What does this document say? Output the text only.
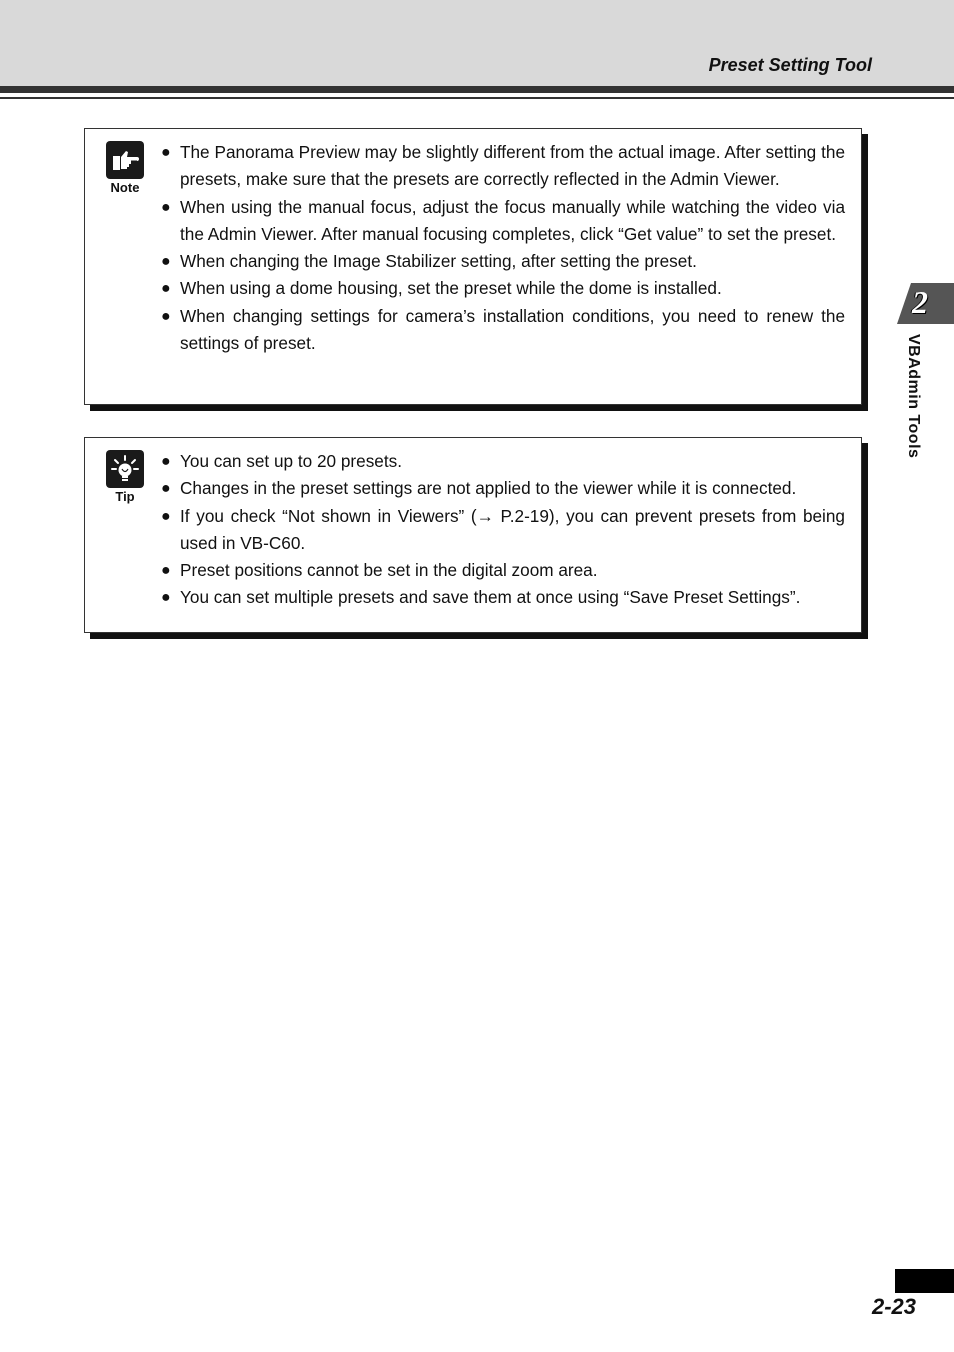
Preset Setting Tool
Note
● The Panorama Preview may be slightly different from the actual image. After setting the presets, make sure that the presets are correctly reflected in the Admin Viewer.
● When using the manual focus, adjust the focus manually while watching the video via the Admin Viewer. After manual focusing completes, click “Get value” to set the preset.
● When changing the Image Stabilizer setting, after setting the preset.
● When using a dome housing, set the preset while the dome is installed.
● When changing settings for camera’s installation conditions, you need to renew the settings of preset.
Tip
● You can set up to 20 presets.
● Changes in the preset settings are not applied to the viewer while it is connected.
● If you check “Not shown in Viewers” (→ P.2-19), you can prevent presets from being used in VB-C60.
● Preset positions cannot be set in the digital zoom area.
● You can set multiple presets and save them at once using “Save Preset Settings”.
2
VBAdmin Tools
2-23
